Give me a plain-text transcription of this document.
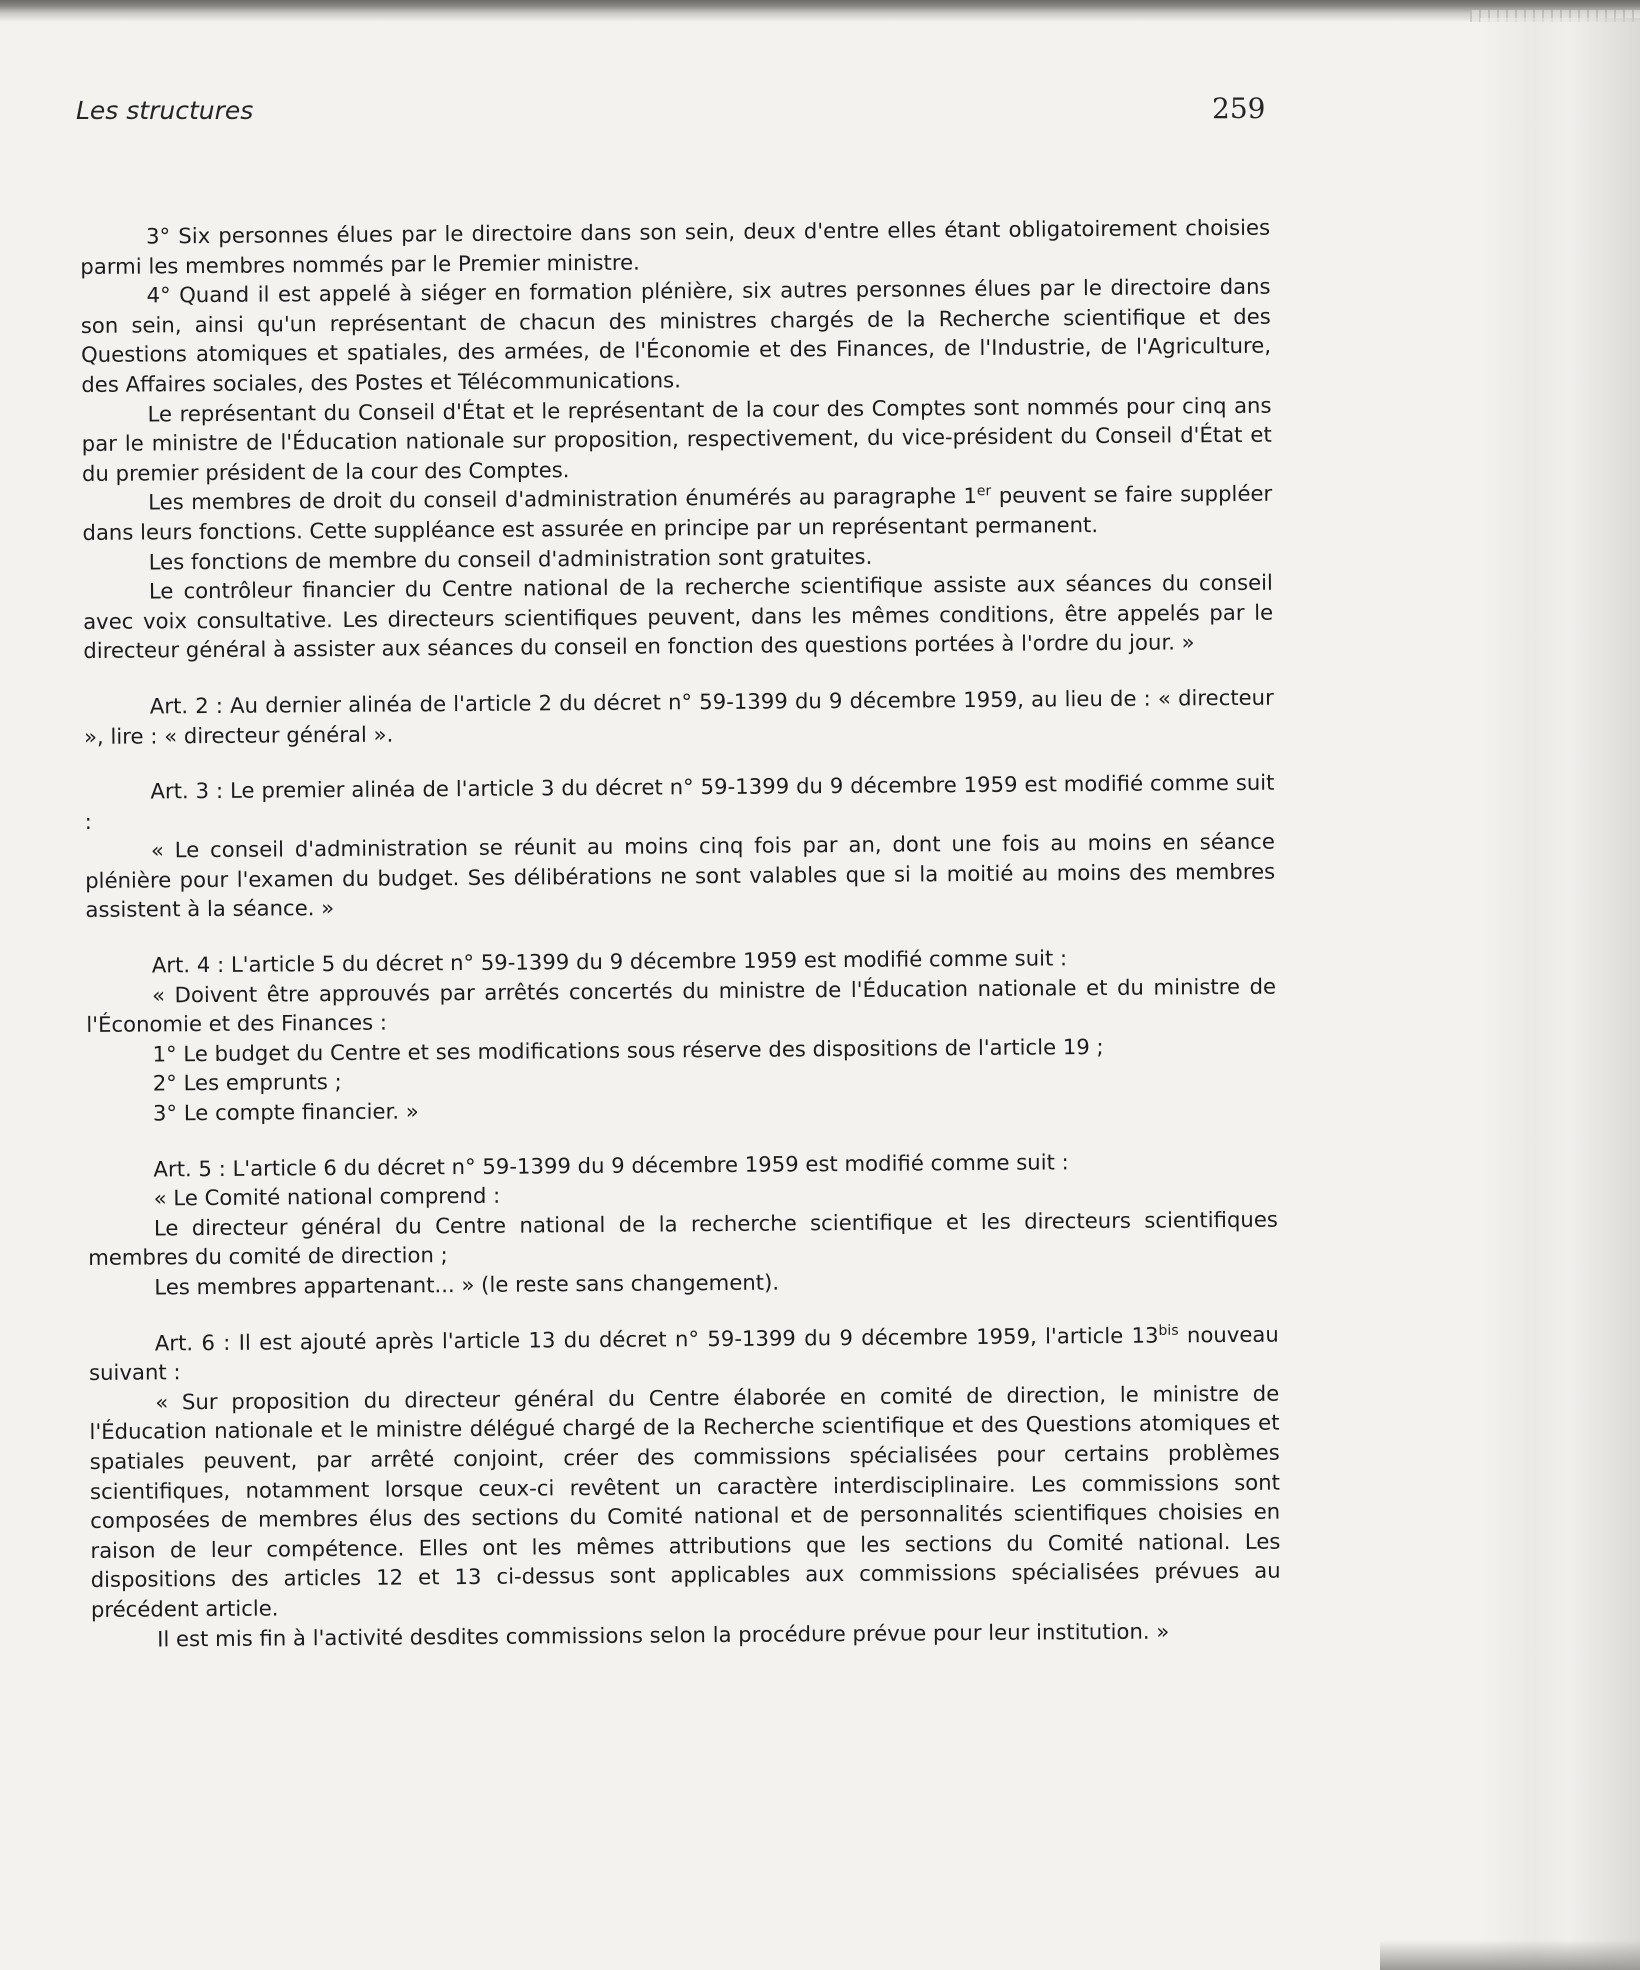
Les structures	259

3° Six personnes élues par le directoire dans son sein, deux d'entre elles étant obligatoirement choisies parmi les membres nommés par le Premier ministre.

4° Quand il est appelé à siéger en formation plénière, six autres personnes élues par le directoire dans son sein, ainsi qu'un représentant de chacun des ministres chargés de la Recherche scientifique et des Questions atomiques et spatiales, des armées, de l'Économie et des Finances, de l'Industrie, de l'Agriculture, des Affaires sociales, des Postes et Télécommunications.

Le représentant du Conseil d'État et le représentant de la cour des Comptes sont nommés pour cinq ans par le ministre de l'Éducation nationale sur proposition, respectivement, du vice-président du Conseil d'État et du premier président de la cour des Comptes.

Les membres de droit du conseil d'administration énumérés au paragraphe 1er peuvent se faire suppléer dans leurs fonctions. Cette suppléance est assurée en principe par un représentant permanent.

Les fonctions de membre du conseil d'administration sont gratuites.

Le contrôleur financier du Centre national de la recherche scientifique assiste aux séances du conseil avec voix consultative. Les directeurs scientifiques peuvent, dans les mêmes conditions, être appelés par le directeur général à assister aux séances du conseil en fonction des questions portées à l'ordre du jour. »

Art. 2 : Au dernier alinéa de l'article 2 du décret n° 59-1399 du 9 décembre 1959, au lieu de : « directeur », lire : « directeur général ».

Art. 3 : Le premier alinéa de l'article 3 du décret n° 59-1399 du 9 décembre 1959 est modifié comme suit :

« Le conseil d'administration se réunit au moins cinq fois par an, dont une fois au moins en séance plénière pour l'examen du budget. Ses délibérations ne sont valables que si la moitié au moins des membres assistent à la séance. »

Art. 4 : L'article 5 du décret n° 59-1399 du 9 décembre 1959 est modifié comme suit :

« Doivent être approuvés par arrêtés concertés du ministre de l'Éducation nationale et du ministre de l'Économie et des Finances :

1° Le budget du Centre et ses modifications sous réserve des dispositions de l'article 19 ;

2° Les emprunts ;

3° Le compte financier. »

Art. 5 : L'article 6 du décret n° 59-1399 du 9 décembre 1959 est modifié comme suit :

« Le Comité national comprend :

Le directeur général du Centre national de la recherche scientifique et les directeurs scientifiques membres du comité de direction ;

Les membres appartenant... » (le reste sans changement).

Art. 6 : Il est ajouté après l'article 13 du décret n° 59-1399 du 9 décembre 1959, l'article $13^{bis}$ nouveau suivant :

« Sur proposition du directeur général du Centre élaborée en comité de direction, le ministre de l'Éducation nationale et le ministre délégué chargé de la Recherche scientifique et des Questions atomiques et spatiales peuvent, par arrêté conjoint, créer des commissions spécialisées pour certains problèmes scientifiques, notamment lorsque ceux-ci revêtent un caractère interdisciplinaire. Les commissions sont composées de membres élus des sections du Comité national et de personnalités scientifiques choisies en raison de leur compétence. Elles ont les mêmes attributions que les sections du Comité national. Les dispositions des articles 12 et 13 ci-dessus sont applicables aux commissions spécialisées prévues au précédent article.

Il est mis fin à l'activité desdites commissions selon la procédure prévue pour leur institution. »
